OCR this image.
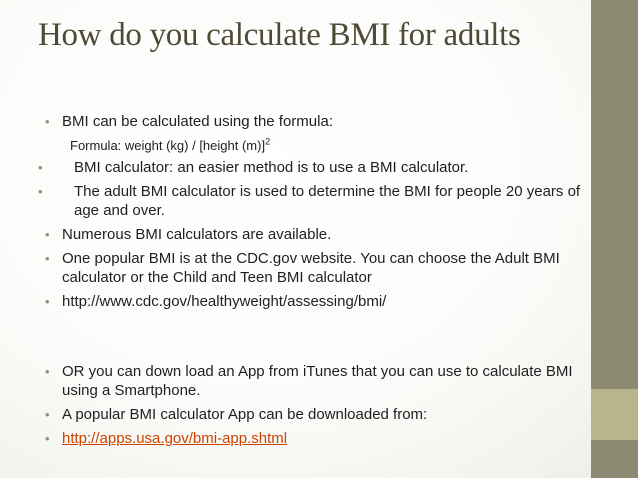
How do you calculate BMI for adults
• BMI can be calculated using the formula:
Formula: weight (kg) / [height (m)]$^2$
• BMI calculator: an easier method is to use a BMI calculator.
• The adult BMI calculator is used to determine the BMI for people 20 years of age and over.
• Numerous BMI calculators are available.
• One popular BMI is at the CDC.gov website. You can choose the Adult BMI calculator or the Child and Teen BMI calculator
• http://www.cdc.gov/healthyweight/assessing/bmi/
• OR you can down load an App from iTunes that you can use to calculate BMI using a Smartphone.
• A popular BMI calculator App can be downloaded from:
• http://apps.usa.gov/bmi-app.shtml
